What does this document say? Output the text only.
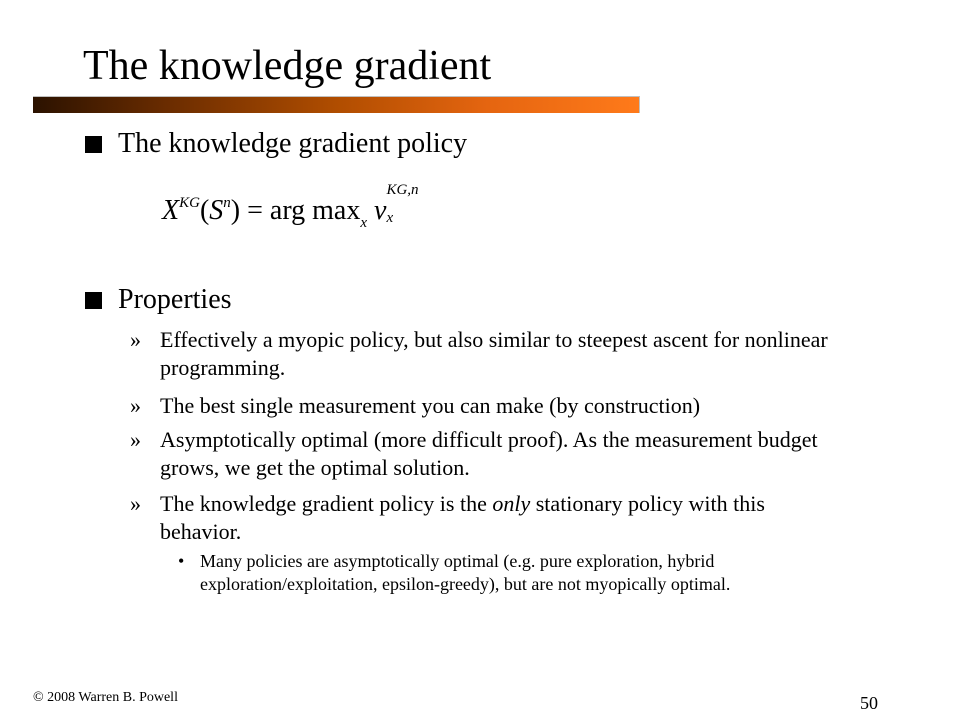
The knowledge gradient
The knowledge gradient policy
$X^{KG}(S^n)$ = arg $\max_x \nu$
KG,n
x
Properties
» Effectively a myopic policy, but also similar to steepest ascent for nonlinear programming.
» The best single measurement you can make (by construction)
» Asymptotically optimal (more difficult proof). As the measurement budget grows, we get the optimal solution.
» The knowledge gradient policy is the only stationary policy with this behavior.
• Many policies are asymptotically optimal (e.g. pure exploration, hybrid exploration/exploitation, epsilon-greedy), but are not myopically optimal.
© 2008 Warren B. Powell	50
